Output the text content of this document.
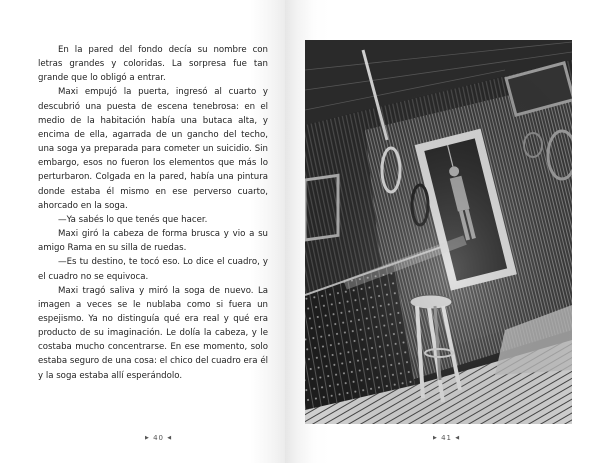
En la pared del fondo decía su nombre con letras grandes y coloridas. La sorpresa fue tan grande que lo obligó a entrar.

Maxi empujó la puerta, ingresó al cuarto y descubrió una puesta de escena tenebrosa: en el medio de la habitación había una butaca alta, y encima de ella, agarrada de un gancho del techo, una soga ya preparada para cometer un suicidio. Sin embargo, esos no fueron los elementos que más lo perturbaron. Colgada en la pared, había una pintura donde estaba él mismo en ese perverso cuarto, ahorcado en la soga.

—Ya sabés lo que tenés que hacer.

Maxi giró la cabeza de forma brusca y vio a su amigo Rama en su silla de ruedas.

—Es tu destino, te tocó eso. Lo dice el cuadro, y el cuadro no se equivoca.

Maxi tragó saliva y miró la soga de nuevo. La imagen a veces se le nublaba como si fuera un espejismo. Ya no distinguía qué era real y qué era producto de su imaginación. Le dolía la cabeza, y le costaba mucho concentrarse. En ese momento, solo estaba seguro de una cosa: el chico del cuadro era él y la soga estaba allí esperándolo.

▶ 40 ◀	▶ 41 ◀
